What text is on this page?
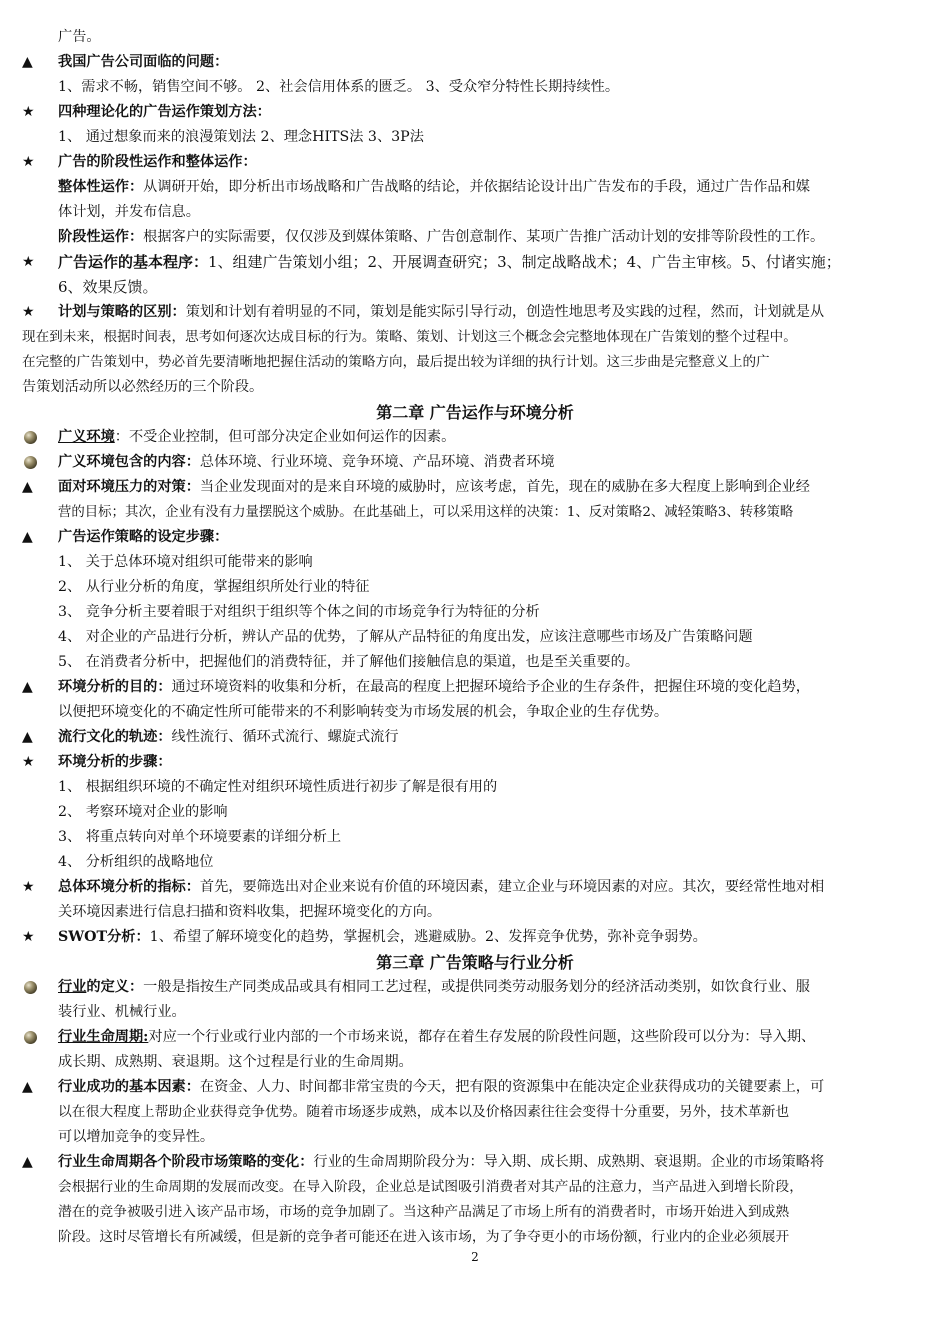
广告。
▲	我国广告公司面临的问题：
1、需求不畅，销售空间不够。 2、社会信用体系的匮乏。 3、受众窄分特性长期持续性。
★	四种理论化的广告运作策划方法：
1、 通过想象而来的浪漫策划法 2、理念HITS法 3、3P法
★	广告的阶段性运作和整体运作：
整体性运作：从调研开始，即分析出市场战略和广告战略的结论，并依据结论设计出广告发布的手段，通过广告作品和媒
体计划，并发布信息。
阶段性运作：根据客户的实际需要，仅仅涉及到媒体策略、广告创意制作、某项广告推广活动计划的安排等阶段性的工作。
★	广告运作的基本程序：1、组建广告策划小组；2、开展调查研究；3、制定战略战术；4、广告主审核。5、付诸实施；
6、效果反馈。
★	计划与策略的区别：策划和计划有着明显的不同，策划是能实际引导行动，创造性地思考及实践的过程，然而，计划就是从
现在到未来，根据时间表，思考如何逐次达成目标的行为。策略、策划、计划这三个概念会完整地体现在广告策划的整个过程中。
在完整的广告策划中，势必首先要清晰地把握住活动的策略方向，最后提出较为详细的执行计划。这三步曲是完整意义上的广
告策划活动所以必然经历的三个阶段。
第二章 广告运作与环境分析
广义环境：不受企业控制，但可部分决定企业如何运作的因素。
广义环境包含的内容：总体环境、行业环境、竞争环境、产品环境、消费者环境
▲	面对环境压力的对策：当企业发现面对的是来自环境的威胁时，应该考虑，首先，现在的威胁在多大程度上影响到企业经
营的目标；其次，企业有没有力量摆脱这个威胁。在此基础上，可以采用这样的决策：1、反对策略2、减轻策略3、转移策略
▲	广告运作策略的设定步骤：
1、 关于总体环境对组织可能带来的影响
2、 从行业分析的角度，掌握组织所处行业的特征
3、 竞争分析主要着眼于对组织于组织等个体之间的市场竞争行为特征的分析
4、 对企业的产品进行分析，辨认产品的优势，了解从产品特征的角度出发，应该注意哪些市场及广告策略问题
5、 在消费者分析中，把握他们的消费特征，并了解他们接触信息的渠道，也是至关重要的。
▲	环境分析的目的：通过环境资料的收集和分析，在最高的程度上把握环境给予企业的生存条件，把握住环境的变化趋势，
以便把环境变化的不确定性所可能带来的不利影响转变为市场发展的机会，争取企业的生存优势。
▲	流行文化的轨迹：线性流行、循环式流行、螺旋式流行
★	环境分析的步骤：
1、 根据组织环境的不确定性对组织环境性质进行初步了解是很有用的
2、 考察环境对企业的影响
3、 将重点转向对单个环境要素的详细分析上
4、 分析组织的战略地位
★	总体环境分析的指标：首先，要筛选出对企业来说有价值的环境因素，建立企业与环境因素的对应。其次，要经常性地对相
关环境因素进行信息扫描和资料收集，把握环境变化的方向。
★	SWOT分析：1、希望了解环境变化的趋势，掌握机会，逃避威胁。2、发挥竞争优势，弥补竞争弱势。
第三章 广告策略与行业分析
行业的定义：一般是指按生产同类成品或具有相同工艺过程，或提供同类劳动服务划分的经济活动类别，如饮食行业、服
装行业、机械行业。
行业生命周期:对应一个行业或行业内部的一个市场来说，都存在着生存发展的阶段性问题，这些阶段可以分为：导入期、
成长期、成熟期、衰退期。这个过程是行业的生命周期。
▲	行业成功的基本因素：在资金、人力、时间都非常宝贵的今天，把有限的资源集中在能决定企业获得成功的关键要素上，可
以在很大程度上帮助企业获得竞争优势。随着市场逐步成熟，成本以及价格因素往往会变得十分重要，另外，技术革新也
可以增加竞争的变异性。
▲	行业生命周期各个阶段市场策略的变化：行业的生命周期阶段分为：导入期、成长期、成熟期、衰退期。企业的市场策略将
会根据行业的生命周期的发展而改变。在导入阶段，企业总是试图吸引消费者对其产品的注意力，当产品进入到增长阶段，
潜在的竞争被吸引进入该产品市场，市场的竞争加剧了。当这种产品满足了市场上所有的消费者时，市场开始进入到成熟
阶段。这时尽管增长有所减缓，但是新的竞争者可能还在进入该市场，为了争夺更小的市场份额，行业内的企业必须展开
2
